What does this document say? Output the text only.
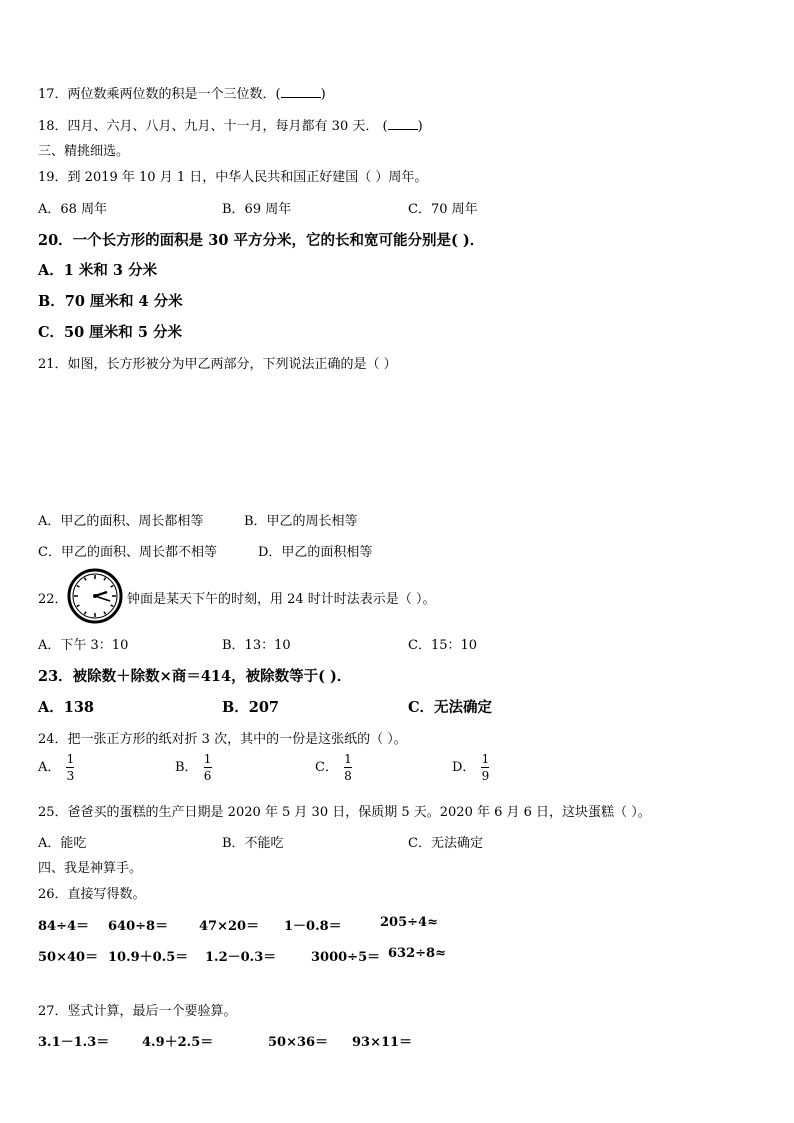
17．两位数乘两位数的积是一个三位数．(	)
18．四月、六月、八月、九月、十一月，每月都有 30 天． ( )
三、精挑细选。
19．到 2019 年 10 月 1 日，中华人民共和国正好建国（ ）周年。
A．68 周年	B．69 周年	C．70 周年
20．一个长方形的面积是 30 平方分米，它的长和宽可能分别是( )．
A．1 米和 3 分米
B．70 厘米和 4 分米
C．50 厘米和 5 分米
21．如图，长方形被分为甲乙两部分，下列说法正确的是（ ）
A．甲乙的面积、周长都相等	B．甲乙的周长相等
C．甲乙的面积、周长都不相等	D．甲乙的面积相等
22．	钟面是某天下午的时刻，用 24 时计时法表示是（ ）。
A．下午 3：10	B．13：10	C．15：10
23．被除数＋除数×商＝414，被除数等于( )．
A．138	B．207	C．无法确定
24．把一张正方形的纸对折 3 次，其中的一份是这张纸的（ ）。
A． $\frac{1}{3}$	B． $\frac{1}{6}$	C． $\frac{1}{8}$	D． $\frac{1}{9}$
25．爸爸买的蛋糕的生产日期是 2020 年 5 月 30 日，保质期 5 天。2020 年 6 月 6 日，这块蛋糕（ ）。
A．能吃	B．不能吃	C．无法确定
四、我是神算手。
26．直接写得数。
84÷4＝ 640÷8＝ 47×20＝ 1－0.8＝	205÷4≈
50×40＝ 10.9＋0.5＝ 1.2－0.3＝	3000÷5＝ 632÷8≈
27．竖式计算，最后一个要验算。
3.1－1.3＝	4.9＋2.5＝	50×36＝ 93×11＝
